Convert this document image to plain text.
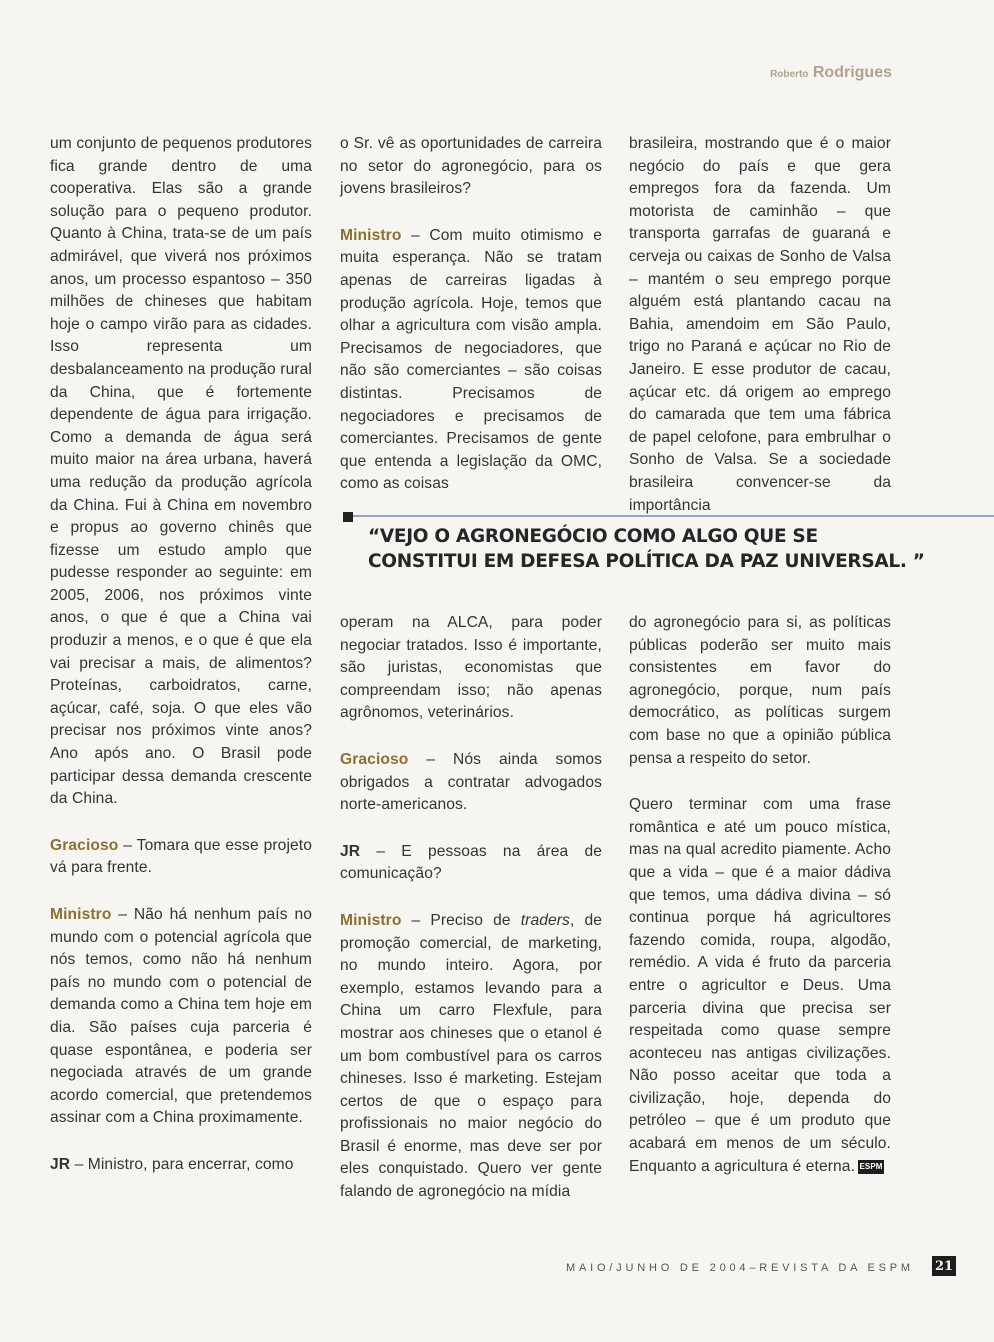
Roberto Rodrigues

um conjunto de pequenos produtores fica grande dentro de uma cooperativa. Elas são a grande solução para o pequeno produtor. Quanto à China, trata-se de um país admirável, que viverá nos próximos anos, um processo espantoso – 350 milhões de chineses que habitam hoje o campo virão para as cidades. Isso representa um desbalanceamento na produção rural da China, que é fortemente dependente de água para irrigação. Como a demanda de água será muito maior na área urbana, haverá uma redução da produção agrícola da China. Fui à China em novembro e propus ao governo chinês que fizesse um estudo amplo que pudesse responder ao seguinte: em 2005, 2006, nos próximos vinte anos, o que é que a China vai produzir a menos, e o que é que ela vai precisar a mais, de alimentos? Proteínas, carboidratos, carne, açúcar, café, soja. O que eles vão precisar nos próximos vinte anos? Ano após ano. O Brasil pode participar dessa demanda crescente da China.

Gracioso – Tomara que esse projeto vá para frente.

Ministro – Não há nenhum país no mundo com o potencial agrícola que nós temos, como não há nenhum país no mundo com o potencial de demanda como a China tem hoje em dia. São países cuja parceria é quase espontânea, e poderia ser negociada através de um grande acordo comercial, que pretendemos assinar com a China proximamente.

JR – Ministro, para encerrar, como

o Sr. vê as oportunidades de carreira no setor do agronegócio, para os jovens brasileiros?

Ministro – Com muito otimismo e muita esperança. Não se tratam apenas de carreiras ligadas à produção agrícola. Hoje, temos que olhar a agricultura com visão ampla. Precisamos de negociadores, que não são comerciantes – são coisas distintas. Precisamos de negociadores e precisamos de comerciantes. Precisamos de gente que entenda a legislação da OMC, como as coisas

brasileira, mostrando que é o maior negócio do país e que gera empregos fora da fazenda. Um motorista de caminhão – que transporta garrafas de guaraná e cerveja ou caixas de Sonho de Valsa – mantém o seu emprego porque alguém está plantando cacau na Bahia, amendoim em São Paulo, trigo no Paraná e açúcar no Rio de Janeiro. E esse produtor de cacau, açúcar etc. dá origem ao emprego do camarada que tem uma fábrica de papel celofone, para embrulhar o Sonho de Valsa. Se a sociedade brasileira convencer-se da importância

“VEJO O AGRONEGÓCIO COMO ALGO QUE SE CONSTITUI EM DEFESA POLÍTICA DA PAZ UNIVERSAL. ”

operam na ALCA, para poder negociar tratados. Isso é importante, são juristas, economistas que compreendam isso; não apenas agrônomos, veterinários.

Gracioso – Nós ainda somos obrigados a contratar advogados norte-americanos.

JR – E pessoas na área de comunicação?

Ministro – Preciso de traders, de promoção comercial, de marketing, no mundo inteiro. Agora, por exemplo, estamos levando para a China um carro Flexfule, para mostrar aos chineses que o etanol é um bom combustível para os carros chineses. Isso é marketing. Estejam certos de que o espaço para profissionais no maior negócio do Brasil é enorme, mas deve ser por eles conquistado. Quero ver gente falando de agronegócio na mídia

do agronegócio para si, as políticas públicas poderão ser muito mais consistentes em favor do agronegócio, porque, num país democrático, as políticas surgem com base no que a opinião pública pensa a respeito do setor.

Quero terminar com uma frase romântica e até um pouco mística, mas na qual acredito piamente. Acho que a vida – que é a maior dádiva que temos, uma dádiva divina – só continua porque há agricultores fazendo comida, roupa, algodão, remédio. A vida é fruto da parceria entre o agricultor e Deus. Uma parceria divina que precisa ser respeitada como quase sempre aconteceu nas antigas civilizações. Não posso aceitar que toda a civilização, hoje, dependa do petróleo – que é um produto que acabará em menos de um século. Enquanto a agricultura é eterna. ESPM

MAIO/JUNHO DE 2004–REVISTA DA ESPM 21
